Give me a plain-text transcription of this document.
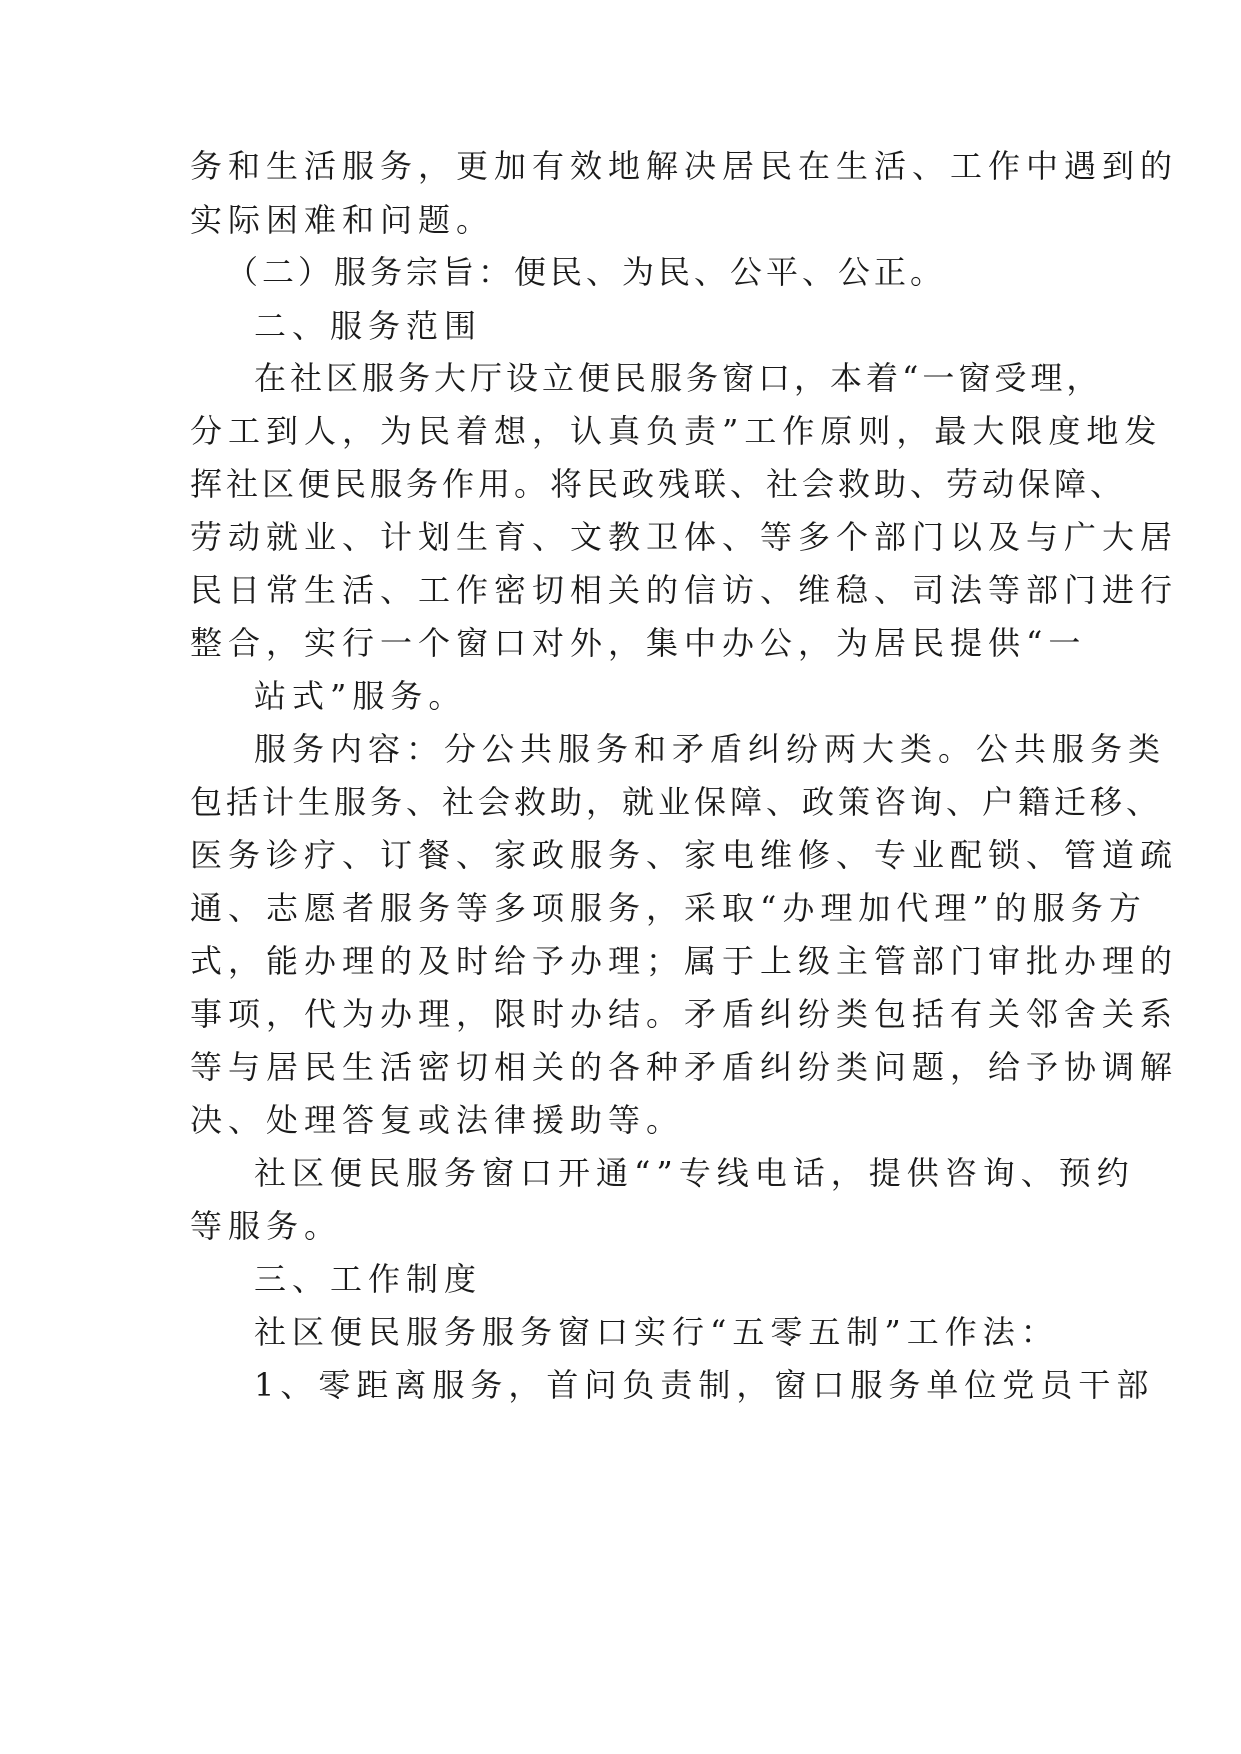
务和生活服务，更加有效地解决居民在生活、工作中遇到的
实际困难和问题。
（二）服务宗旨：便民、为民、公平、公正。
二、服务范围
在社区服务大厅设立便民服务窗口，本着“一窗受理，
分工到人，为民着想，认真负责”工作原则，最大限度地发
挥社区便民服务作用。将民政残联、社会救助、劳动保障、
劳动就业、计划生育、文教卫体、等多个部门以及与广大居
民日常生活、工作密切相关的信访、维稳、司法等部门进行
整合，实行一个窗口对外，集中办公，为居民提供“一
站式”服务。
服务内容：分公共服务和矛盾纠纷两大类。公共服务类
包括计生服务、社会救助，就业保障、政策咨询、户籍迁移、
医务诊疗、订餐、家政服务、家电维修、专业配锁、管道疏
通、志愿者服务等多项服务，采取“办理加代理”的服务方
式，能办理的及时给予办理；属于上级主管部门审批办理的
事项，代为办理，限时办结。矛盾纠纷类包括有关邻舍关系
等与居民生活密切相关的各种矛盾纠纷类问题，给予协调解
决、处理答复或法律援助等。
社区便民服务窗口开通“”专线电话，提供咨询、预约
等服务。
三、工作制度
社区便民服务服务窗口实行“五零五制”工作法：
1、零距离服务，首问负责制，窗口服务单位党员干部
